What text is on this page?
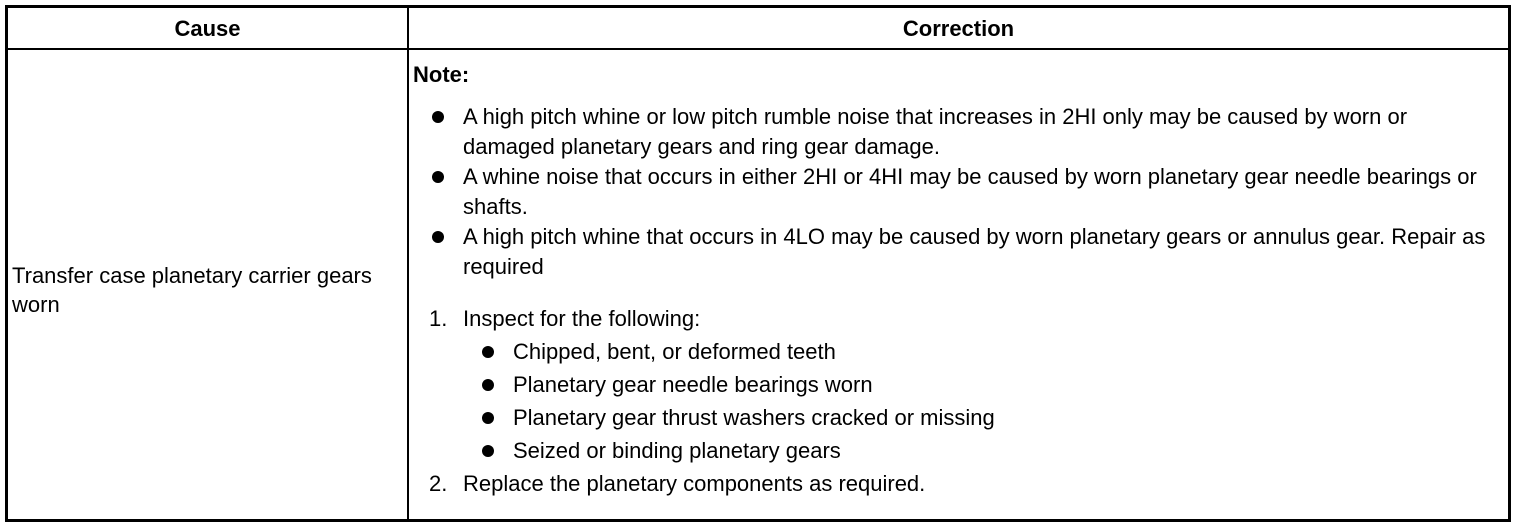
Cause	Correction
Transfer case planetary carrier gears worn
Note:
A high pitch whine or low pitch rumble noise that increases in 2HI only may be caused by worn or damaged planetary gears and ring gear damage.
A whine noise that occurs in either 2HI or 4HI may be caused by worn planetary gear needle bearings or shafts.
A high pitch whine that occurs in 4LO may be caused by worn planetary gears or annulus gear. Repair as required
1. Inspect for the following:
Chipped, bent, or deformed teeth
Planetary gear needle bearings worn
Planetary gear thrust washers cracked or missing
Seized or binding planetary gears
2. Replace the planetary components as required.
